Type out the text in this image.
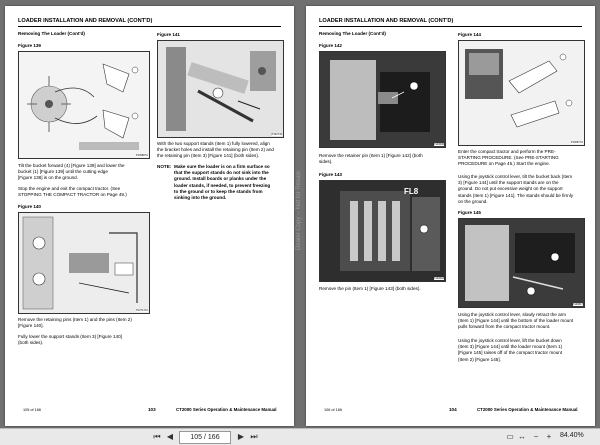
LOADER INSTALLATION AND REMOVAL (CONT'D)
Removing The Loader (Cont'd)
Figure 139
P130807A
Figure 141
P132743
Tilt the bucket forward (4) [Figure 139] and lower the
bucket (1) [Figure 139] until the cutting edge
[Figure 138] is on the ground.
Stop the engine and exit the compact tractor. (See
STOPPING THE COMPACT TRACTOR on Page 49.)
With the two support stands (Item 1) fully lowered, align
the bracket holes and install the retaining pin (Item 2) and
the retaining pin (Item 3) [Figure 141] (both sides).
NOTE: Make sure the loader is on a firm surface so
that the support stands do not sink into the
ground. Install boards or planks under the
loader stands, if needed, to prevent freezing
to the ground or to keep the stands from
sinking into the ground.
Figure 140
P127117A
Remove the retaining pins (Item 1) and the pins (Item 2)
[Figure 140].
Fully lower the support stands (Item 3) [Figure 140]
(both sides).
105 of 166	103	CT2000 Series Operation & Maintenance Manual
Dealer Copy -- Not for Resale
LOADER INSTALLATION AND REMOVAL (CONT'D)
Removing The Loader (Cont'd)
Figure 142
P140600
Remove the retainer pin (Item 1) [Figure 142] (both
sides).
Figure 143
FL8
P140618
Remove the pin (Item 1) [Figure 143] (both sides).
Figure 144
P130877A
Enter the compact tractor and perform the PRE-
STARTING PROCEDURE. (See PRE-STARTING
PROCEDURE on Page 45.) Start the engine.
Using the joystick control lever, tilt the bucket back (Item
3) [Figure 144] until the support stands are on the
ground. Do not put excessive weight on the support
stands (Item 1) [Figure 141]. The stands should be firmly
on the ground.
Figure 145
P140617
Using the joystick control lever, slowly retract the arm
(Item 1) [Figure 144] until the bottom of the loader mount
pulls forward from the compact tractor mount.
Using the joystick control lever, lift the bucket down
(Item 3) [Figure 144] until the loader mount (Item 1)
[Figure 145] raises off of the compact tractor mount
(Item 2) [Figure 145].
106 of 166	104	CT2000 Series Operation & Maintenance Manual
⏮ ◀	105 / 166	▶ ⏭	▭ ↔ −	+	84.40%
